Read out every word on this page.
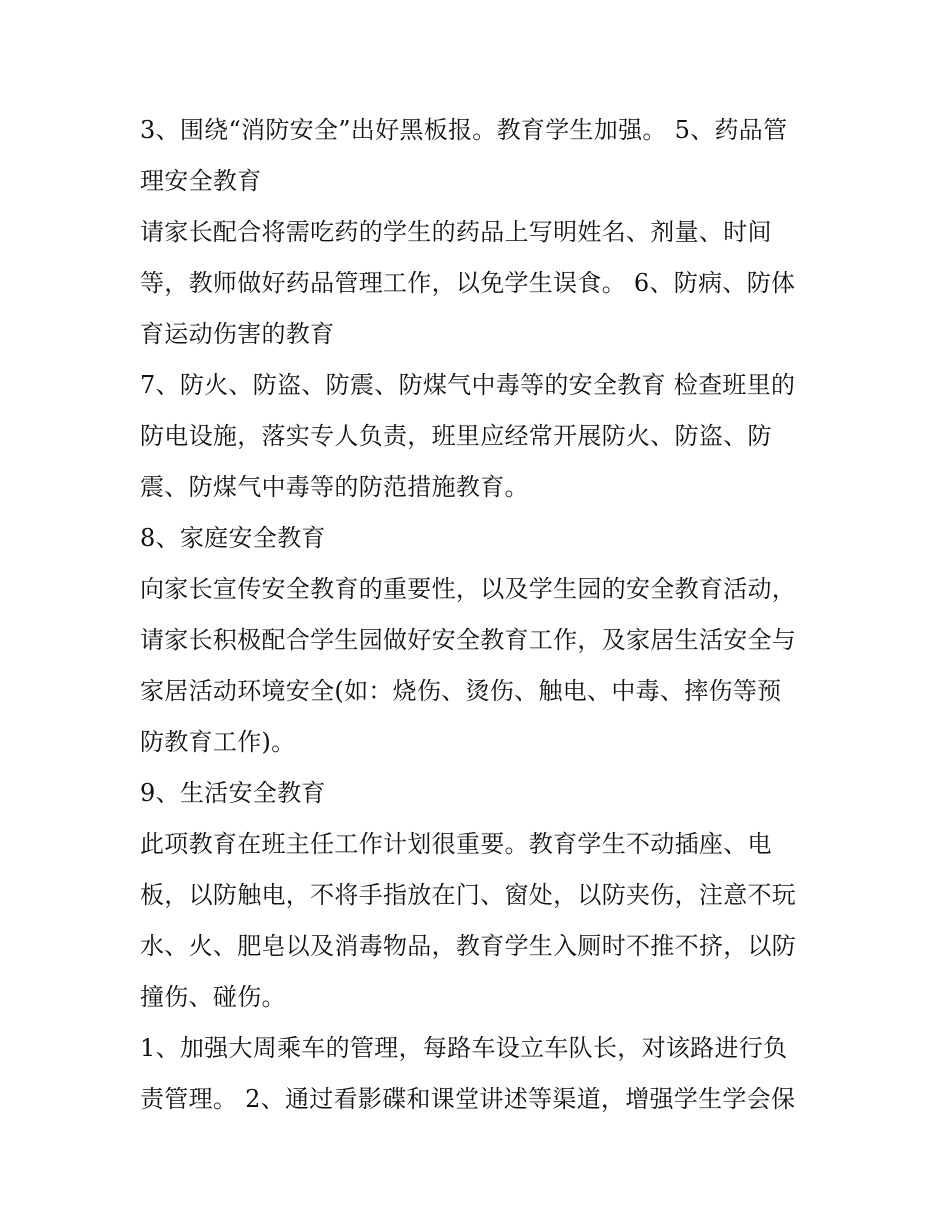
3、围绕“消防安全”出好黑板报。教育学生加强。 5、药品管
理安全教育
请家长配合将需吃药的学生的药品上写明姓名、剂量、时间
等，教师做好药品管理工作，以免学生误食。 6、防病、防体
育运动伤害的教育
7、防火、防盗、防震、防煤气中毒等的安全教育 检查班里的
防电设施，落实专人负责，班里应经常开展防火、防盗、防
震、防煤气中毒等的防范措施教育。
8、家庭安全教育
向家长宣传安全教育的重要性，以及学生园的安全教育活动，
请家长积极配合学生园做好安全教育工作，及家居生活安全与
家居活动环境安全(如：烧伤、烫伤、触电、中毒、摔伤等预
防教育工作)。
9、生活安全教育
此项教育在班主任工作计划很重要。教育学生不动插座、电
板，以防触电，不将手指放在门、窗处，以防夹伤，注意不玩
水、火、肥皂以及消毒物品，教育学生入厕时不推不挤，以防
撞伤、碰伤。
1、加强大周乘车的管理，每路车设立车队长，对该路进行负
责管理。 2、通过看影碟和课堂讲述等渠道，增强学生学会保
